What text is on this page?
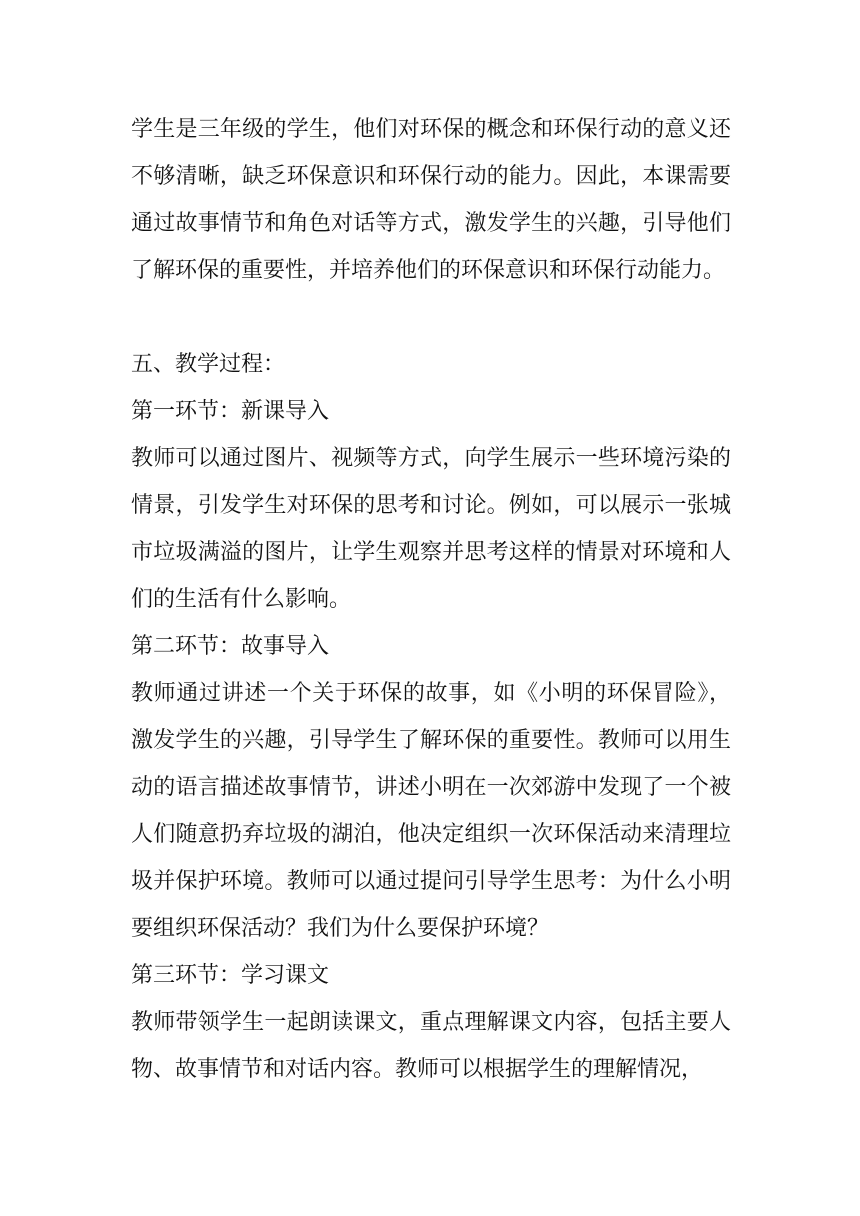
学生是三年级的学生，他们对环保的概念和环保行动的意义还不够清晰，缺乏环保意识和环保行动的能力。因此，本课需要通过故事情节和角色对话等方式，激发学生的兴趣，引导他们了解环保的重要性，并培养他们的环保意识和环保行动能力。

五、教学过程：

第一环节：新课导入

教师可以通过图片、视频等方式，向学生展示一些环境污染的情景，引发学生对环保的思考和讨论。例如，可以展示一张城市垃圾满溢的图片，让学生观察并思考这样的情景对环境和人们的生活有什么影响。

第二环节：故事导入

教师通过讲述一个关于环保的故事，如《小明的环保冒险》，激发学生的兴趣，引导学生了解环保的重要性。教师可以用生动的语言描述故事情节，讲述小明在一次郊游中发现了一个被人们随意扔弃垃圾的湖泊，他决定组织一次环保活动来清理垃圾并保护环境。教师可以通过提问引导学生思考：为什么小明要组织环保活动？我们为什么要保护环境？

第三环节：学习课文

教师带领学生一起朗读课文，重点理解课文内容，包括主要人物、故事情节和对话内容。教师可以根据学生的理解情况，
